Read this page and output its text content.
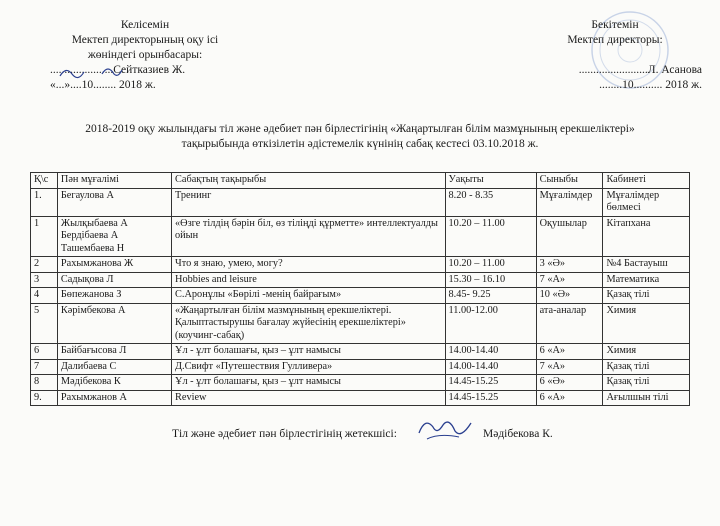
Келісемін
Мектеп директорының оқу ісі
жөніндегі орынбасары:
......................Сейтказиев Ж.
«...»....10........ 2018 ж.
Бекітемін
Мектеп директоры:
........................Л. Асанова
........10.......... 2018 ж.
2018-2019 оқу жылындағы тіл және әдебиет пән бірлестігінің «Жаңартылған білім мазмұнының ерекшеліктері»
тақырыбында өткізілетін әдістемелік күнінің сабақ кестесі 03.10.2018 ж.
Қ\с	Пән мұғалімі	Сабақтың тақырыбы	Уақыты	Сыныбы	Кабинеті
1.	Бегаулова А	Тренинг	8.20 - 8.35	Мұғалімдер	Мұғалімдер бөлмесі
1	Жылқыбаева А Бердібаева А Ташембаева Н	«Өзге тілдің бәрін біл, өз тіліңді құрметте» интеллектуалды ойын	10.20 – 11.00	Оқушылар	Кітапхана
2	Рахымжанова Ж	Что я знаю, умею, могу?	10.20 – 11.00	3 «Ә»	№4 Бастауыш
3	Садықова Л	Hobbies and leisure	15.30 – 16.10	7 «А»	Математика
4	Бөпежанова З	С.Аронұлы «Бөрілі -менің байрағым»	8.45- 9.25	10 «Ә»	Қазақ тілі
5	Кәрімбекова А	«Жаңартылған білім мазмұнының ерекшеліктері. Қалыптастырушы бағалау жүйесінің ерекшеліктері» (коучинг-сабақ)	11.00-12.00	ата-аналар	Химия
6	Байбағысова Л	Ұл - ұлт болашағы, қыз – ұлт намысы	14.00-14.40	6 «А»	Химия
7	Далибаева С	Д.Свифт «Путешествия Гулливера»	14.00-14.40	7 «А»	Қазақ тілі
8	Мәдібекова К	Ұл - ұлт болашағы, қыз – ұлт намысы	14.45-15.25	6 «Ә»	Қазақ тілі
9.	Рахымжанов А	Review	14.45-15.25	6 «А»	Ағылшын тілі
Тіл және әдебиет пән бірлестігінің жетекшісі:	Мәдібекова К.
